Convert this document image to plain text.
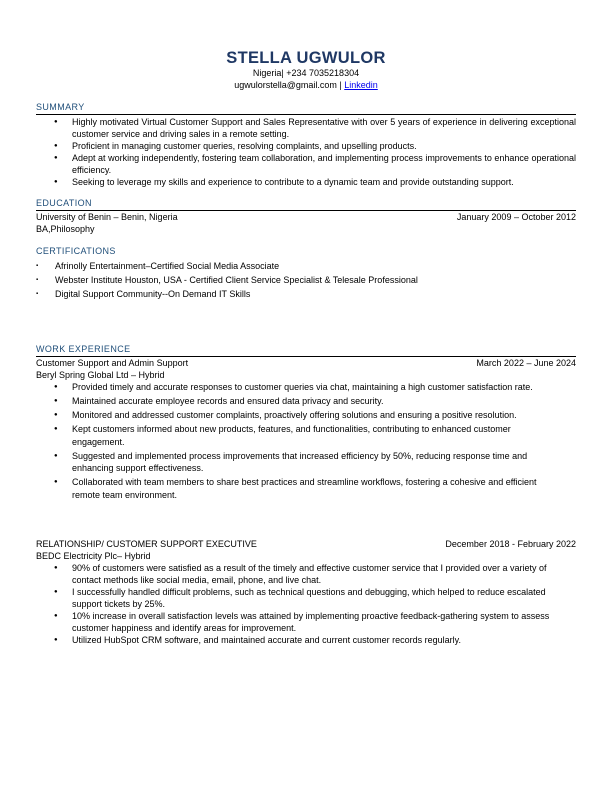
STELLA UGWULOR
Nigeria| +234 7035218304
ugwulorstella@gmail.com | Linkedin
SUMMARY
● Highly motivated Virtual Customer Support and Sales Representative with over 5 years of experience in delivering exceptional customer service and driving sales in a remote setting.
● Proficient in managing customer queries, resolving complaints, and upselling products.
● Adept at working independently, fostering team collaboration, and implementing process improvements to enhance operational efficiency.
● Seeking to leverage my skills and experience to contribute to a dynamic team and provide outstanding support.
EDUCATION
University of Benin – Benin, Nigeria	January 2009 – October 2012
BA,Philosophy
CERTIFICATIONS
▪ Afrinolly Entertainment–Certified Social Media Associate
▪ Webster Institute Houston, USA - Certified Client Service Specialist & Telesale Professional
▪ Digital Support Community--On Demand IT Skills
WORK EXPERIENCE
Customer Support and Admin Support	March 2022 – June 2024
Beryl Spring Global Ltd – Hybrid
● Provided timely and accurate responses to customer queries via chat, maintaining a high customer satisfaction rate.
● Maintained accurate employee records and ensured data privacy and security.
● Monitored and addressed customer complaints, proactively offering solutions and ensuring a positive resolution.
● Kept customers informed about new products, features, and functionalities, contributing to enhanced customer engagement.
● Suggested and implemented process improvements that increased efficiency by 50%, reducing response time and enhancing support effectiveness.
● Collaborated with team members to share best practices and streamline workflows, fostering a cohesive and efficient remote team environment.
RELATIONSHIP/ CUSTOMER SUPPORT EXECUTIVE	December 2018 - February 2022
BEDC Electricity Plc– Hybrid
● 90% of customers were satisfied as a result of the timely and effective customer service that I provided over a variety of contact methods like social media, email, phone, and live chat.
● I successfully handled difficult problems, such as technical questions and debugging, which helped to reduce escalated support tickets by 25%.
● 10% increase in overall satisfaction levels was attained by implementing proactive feedback-gathering system to assess customer happiness and identify areas for improvement.
● Utilized HubSpot CRM software, and maintained accurate and current customer records regularly.
